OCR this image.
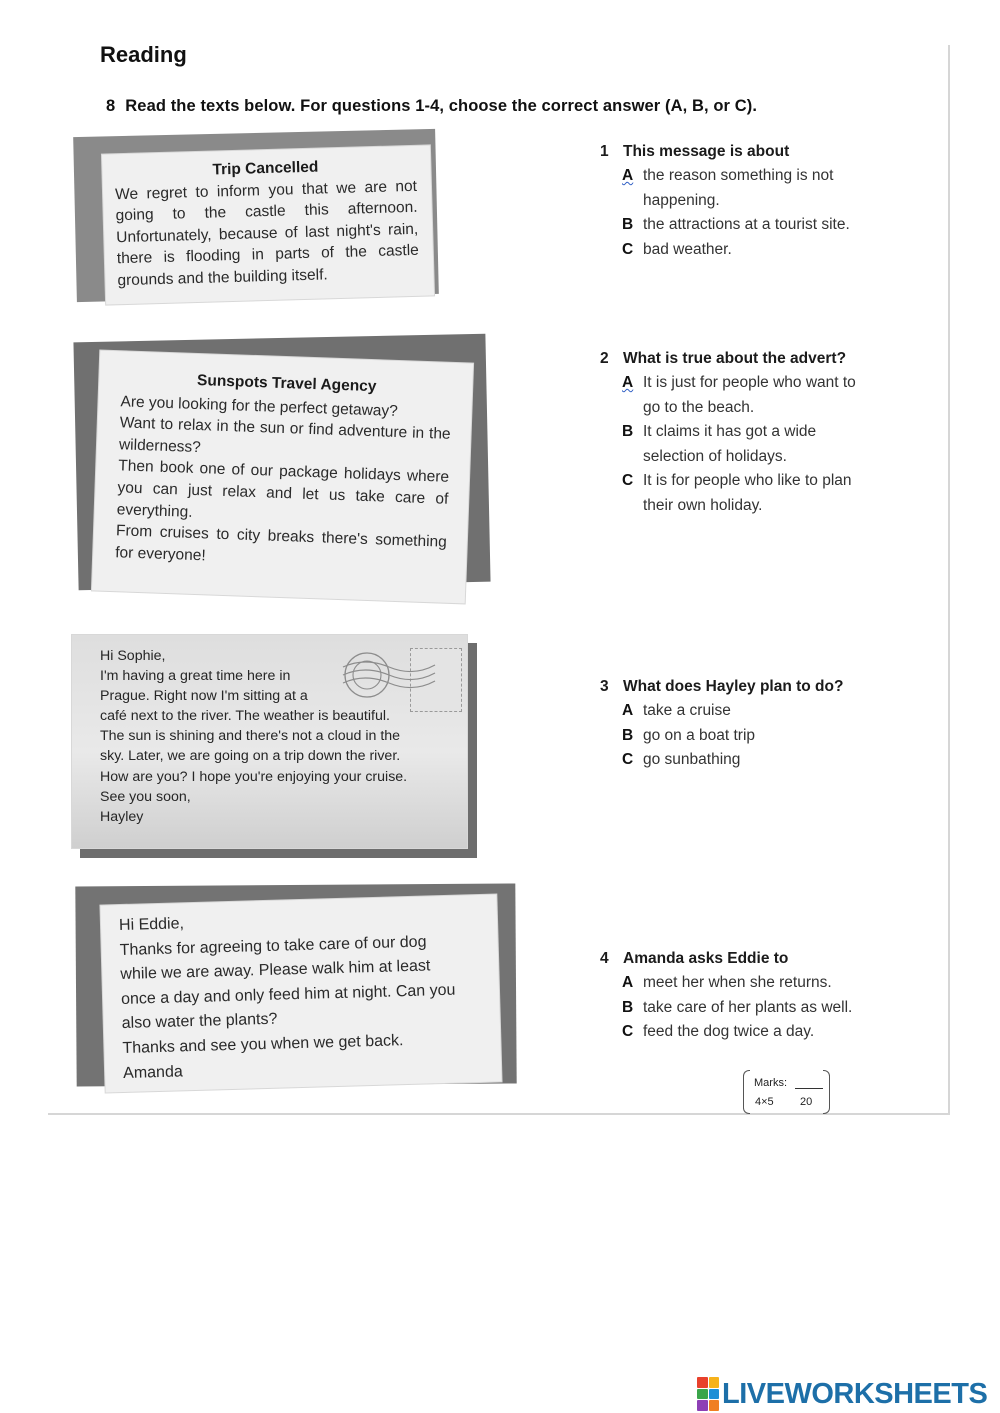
Reading
8 Read the texts below. For questions 1-4, choose the correct answer (A, B, or C).

Trip Cancelled

We regret to inform you that we are not going to the castle this afternoon. Unfortunately, because of last night's rain, there is flooding in parts of the castle grounds and the building itself.

Sunspots Travel Agency

Are you looking for the perfect getaway?

Want to relax in the sun or find adventure in the wilderness?

Then book one of our package holidays where you can just relax and let us take care of everything.

From cruises to city breaks there's something for everyone!

Hi Sophie,

I'm having a great time here in

Prague. Right now I'm sitting at a

café next to the river. The weather is beautiful.

The sun is shining and there's not a cloud in the

sky. Later, we are going on a trip down the river.

How are you? I hope you're enjoying your cruise.

See you soon,

Hayley

Hi Eddie,

Thanks for agreeing to take care of our dog

while we are away. Please walk him at least

once a day and only feed him at night. Can you

also water the plants?

Thanks and see you when we get back.

Amanda

1 This message is about
A the reason something is not happening.
B the attractions at a tourist site.
C bad weather.
2 What is true about the advert?
A It is just for people who want to go to the beach.
B It claims it has got a wide selection of holidays.
C It is for people who like to plan their own holiday.
3 What does Hayley plan to do?
A take a cruise
B go on a boat trip
C go sunbathing
4 Amanda asks Eddie to
A meet her when she returns.
B take care of her plants as well.
C feed the dog twice a day.
Marks:
4×5 20
LIVEWORKSHEETS
